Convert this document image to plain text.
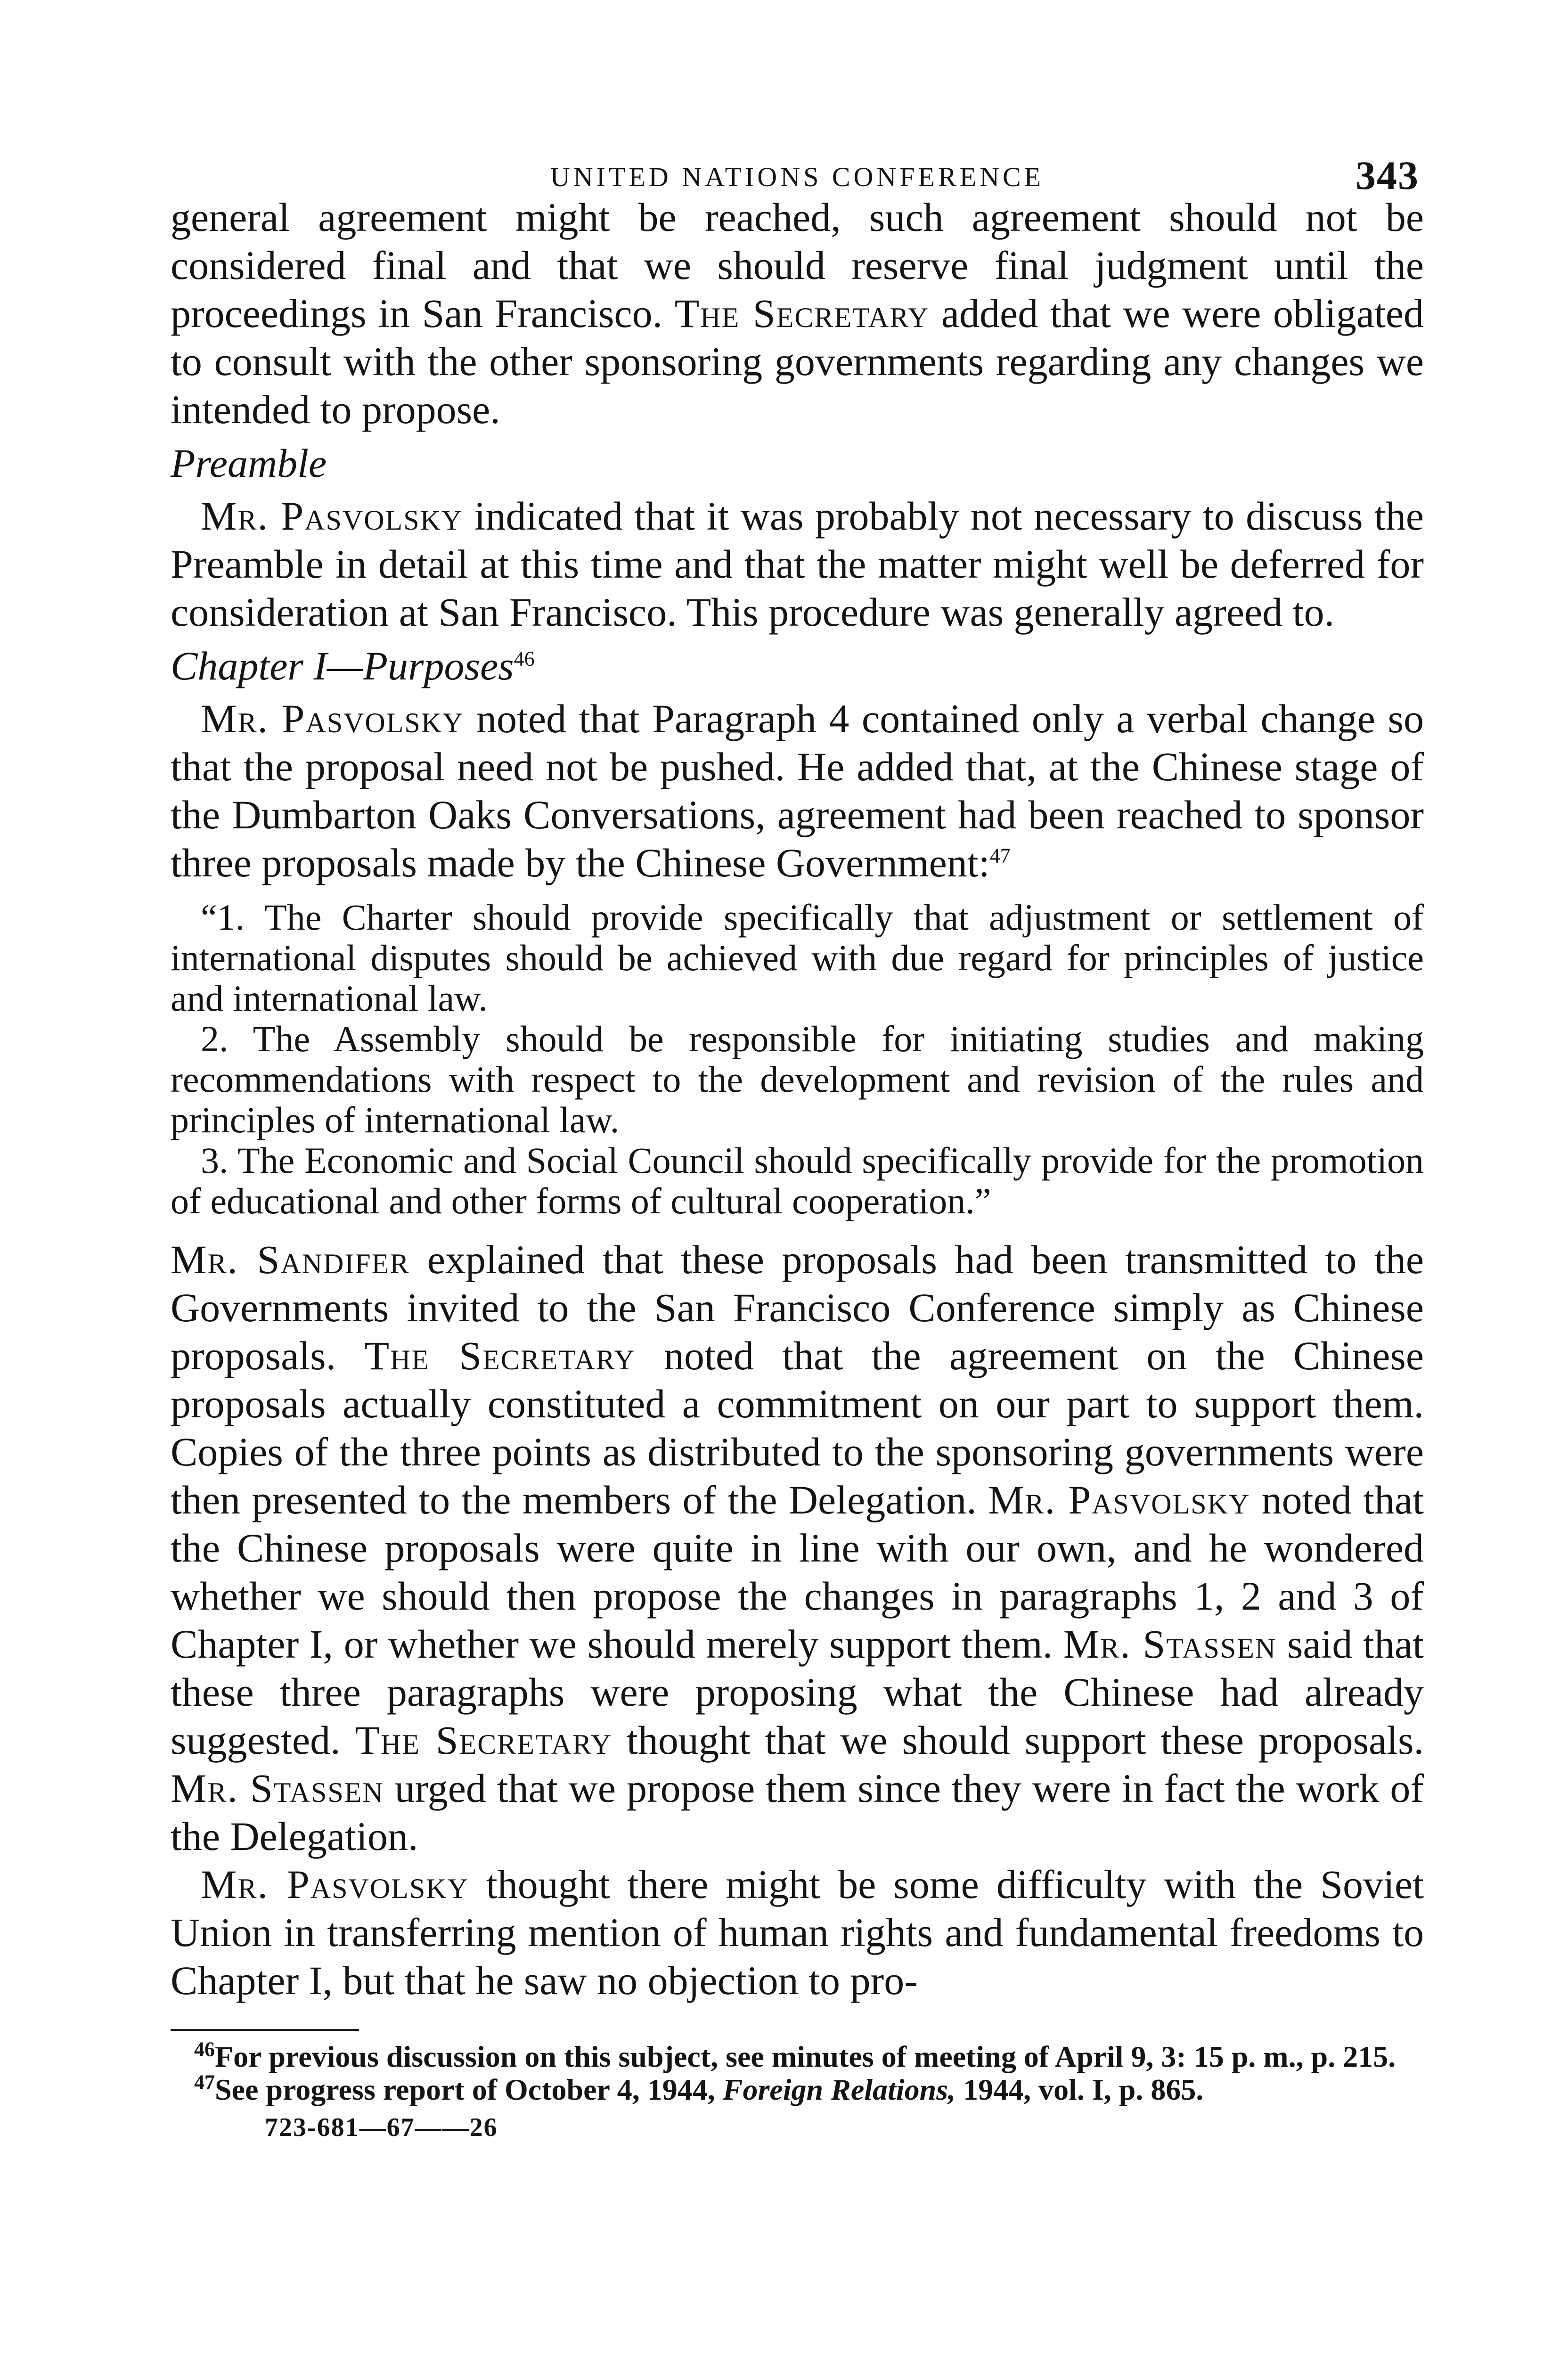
UNITED NATIONS CONFERENCE	343

general agreement might be reached, such agreement should not be considered final and that we should reserve final judgment until the proceedings in San Francisco. The Secretary added that we were obligated to consult with the other sponsoring governments regarding any changes we intended to propose.

Preamble

Mr. Pasvolsky indicated that it was probably not necessary to discuss the Preamble in detail at this time and that the matter might well be deferred for consideration at San Francisco. This procedure was generally agreed to.

Chapter I—Purposes$^{46}$

Mr. Pasvolsky noted that Paragraph 4 contained only a verbal change so that the proposal need not be pushed. He added that, at the Chinese stage of the Dumbarton Oaks Conversations, agreement had been reached to sponsor three proposals made by the Chinese Government:$^{47}$

“1. The Charter should provide specifically that adjustment or settlement of international disputes should be achieved with due regard for principles of justice and international law.

2. The Assembly should be responsible for initiating studies and making recommendations with respect to the development and revision of the rules and principles of international law.

3. The Economic and Social Council should specifically provide for the promotion of educational and other forms of cultural cooperation.”

Mr. Sandifer explained that these proposals had been transmitted to the Governments invited to the San Francisco Conference simply as Chinese proposals. The Secretary noted that the agreement on the Chinese proposals actually constituted a commitment on our part to support them. Copies of the three points as distributed to the sponsoring governments were then presented to the members of the Delegation. Mr. Pasvolsky noted that the Chinese proposals were quite in line with our own, and he wondered whether we should then propose the changes in paragraphs 1, 2 and 3 of Chapter I, or whether we should merely support them. Mr. Stassen said that these three paragraphs were proposing what the Chinese had already suggested. The Secretary thought that we should support these proposals. Mr. Stassen urged that we propose them since they were in fact the work of the Delegation.

Mr. Pasvolsky thought there might be some difficulty with the Soviet Union in transferring mention of human rights and fundamental freedoms to Chapter I, but that he saw no objection to pro-

$^{46}$For previous discussion on this subject, see minutes of meeting of April 9, 3: 15 p. m., p. 215.

$^{47}$See progress report of October 4, 1944, Foreign Relations, 1944, vol. I, p. 865.

723-681—67——26
